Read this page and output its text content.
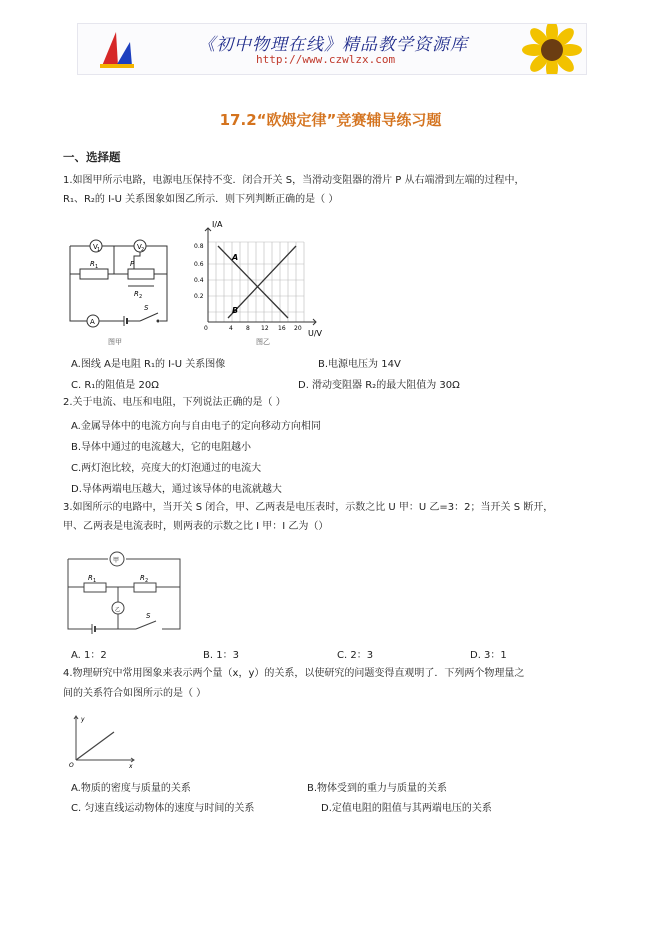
《初中物理在线》精品教学资源库
http://www.czwlzx.com
17.2“欧姆定律”竞赛辅导练习题
一、选择题
1.如图甲所示电路，电源电压保持不变．闭合开关 S，当滑动变阻器的滑片 P 从右端滑到左端的过程中，
R₁、R₂的 I-U 关系图象如图乙所示．则下列判断正确的是（ ）
V 1	V 2
R 1	P
R 2
A
S
图甲
I/A
U/V
0.8
0.6
0.4
0.2
0	4 8 12 16 20
A
B
图乙
A.图线 A是电阻 R₁的 I-U 关系图像	B.电源电压为 14V
C. R₁的阻值是 20Ω	D. 滑动变阻器 R₂的最大阻值为 30Ω
2.关于电流、电压和电阻，下列说法正确的是（ ）
A.金属导体中的电流方向与自由电子的定向移动方向相同
B.导体中通过的电流越大，它的电阻越小
C.两灯泡比较，亮度大的灯泡通过的电流大
D.导体两端电压越大，通过该导体的电流就越大
3.如图所示的电路中，当开关 S 闭合，甲、乙两表是电压表时，示数之比 U 甲：U 乙=3：2；当开关 S 断开，
甲、乙两表是电流表时，则两表的示数之比 I 甲：I 乙为（）
甲
乙
R 1	R 2
S
A. 1：2	B. 1：3	C. 2：3	D. 3：1
4.物理研究中常用图象来表示两个量（x，y）的关系，以使研究的问题变得直观明了．下列两个物理量之
间的关系符合如图所示的是（ ）
y
x
O
A.物质的密度与质量的关系	B.物体受到的重力与质量的关系
C. 匀速直线运动物体的速度与时间的关系	D.定值电阻的阻值与其两端电压的关系
